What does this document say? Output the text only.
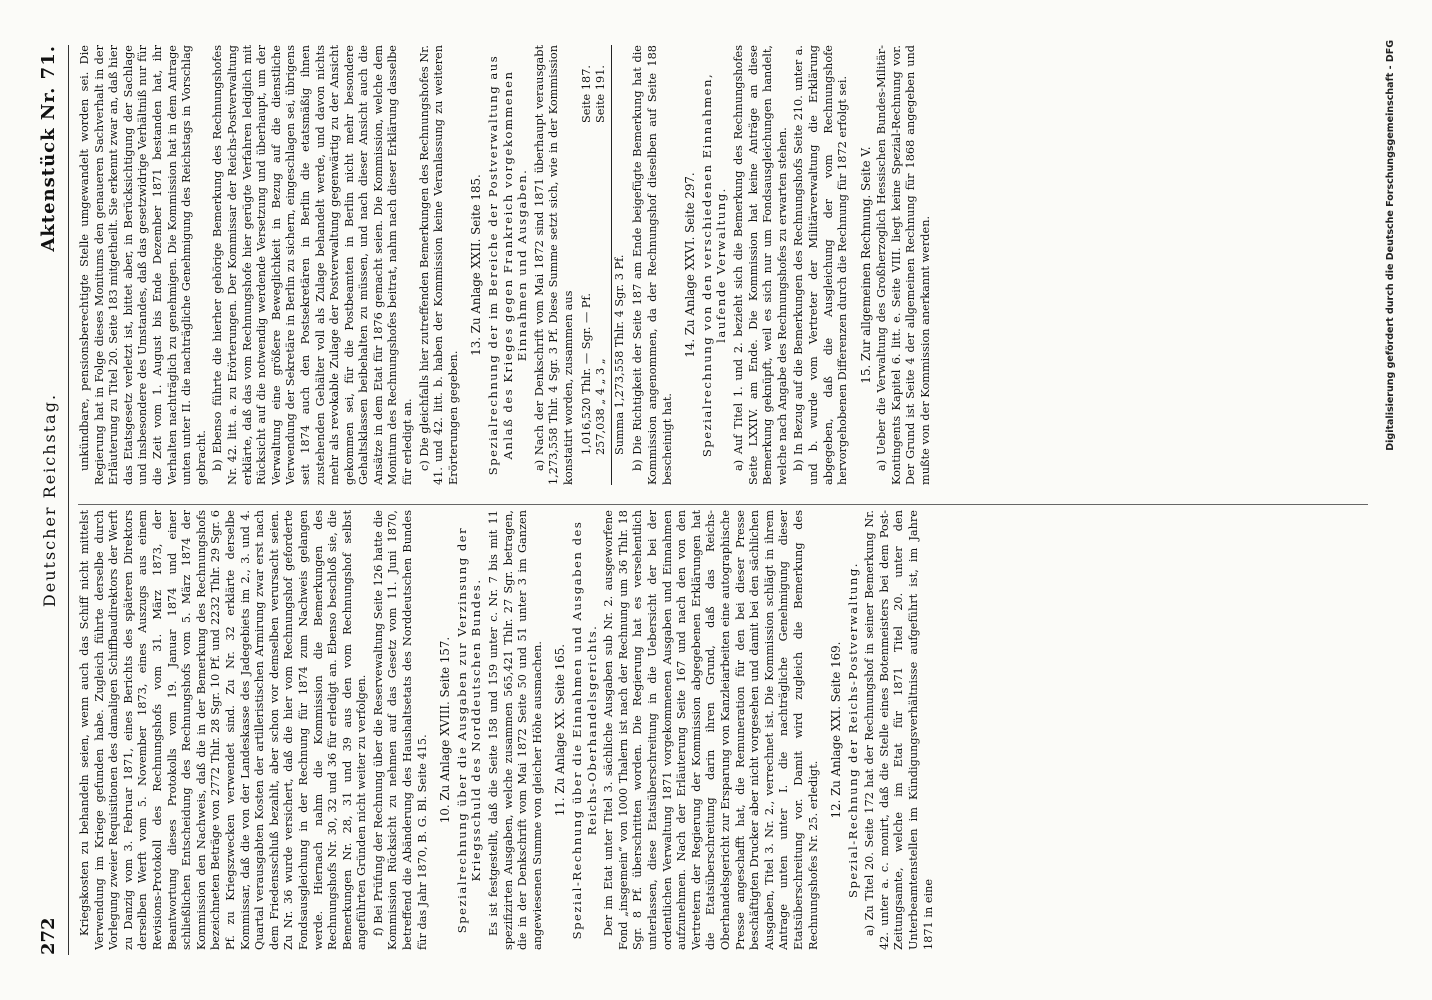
272
Deutscher Reichstag.
Aktenstück Nr. 71.

Kriegskosten zu behandeln seien, wenn auch das Schiff nicht mittelst Verwendung im Kriege gefunden habe. Zugleich führte derselbe durch Vorlegung zweier Requisitionen des damaligen Schiffbaudirektors der Werft zu Danzig vom 3. Februar 1871, eines Berichts des späteren Direktors derselben Werft vom 5. November 1873, eines Auszugs aus einem Revisions-Protokoll des Rechnungshofs vom 31. März 1873, der Beantwortung dieses Protokolls vom 19. Januar 1874 und einer schließlichen Entscheidung des Rechnungshofs vom 5. März 1874 der Kommission den Nachweis, daß die in der Bemerkung des Rechnungshofs bezeichneten Beträge von 2772 Thlr. 28 Sgr. 10 Pf. und 2232 Thlr. 29 Sgr. 6 Pf. zu Kriegszwecken verwendet sind. Zu Nr. 32 erklärte derselbe Kommissar, daß die von der Landeskasse des Jadegebiets im 2., 3. und 4. Quartal verausgabten Kosten der artilleristischen Armirung zwar erst nach dem Friedensschluß bezahlt, aber schon vor demselben verursacht seien. Zu Nr. 36 wurde versichert, daß die hier vom Rechnungshof geforderte Fondsausgleichung in der Rechnung für 1874 zum Nachweis gelangen werde. Hiernach nahm die Kommission die Bemerkungen des Rechnungshofs Nr. 30, 32 und 36 für erledigt an. Ebenso beschloß sie, die Bemerkungen Nr. 28, 31 und 39 aus den vom Rechnungshof selbst angeführten Gründen nicht weiter zu verfolgen. f) Bei Prüfung der Rechnung über die Reservewaltung Seite 126 hatte die Kommission Rücksicht zu nehmen auf das Gesetz vom 11. Juni 1870, betreffend die Abänderung des Haushaltsetats des Norddeutschen Bundes für das Jahr 1870, B. G. Bl. Seite 415.

10. Zu Anlage XVIII. Seite 157. Spezialrechnung über die Ausgaben zur Verzinsung der Kriegsschuld des Norddeutschen Bundes. Es ist festgestellt, daß die Seite 158 und 159 unter c. Nr. 7 bis mit 11 spezifizirten Ausgaben, welche zusammen 565,421 Thlr. 27 Sgr. betragen, die in der Denkschrift vom Mai 1872 Seite 50 und 51 unter 3 im Ganzen angewiesenen Summe von gleicher Höhe ausmachen. 11. Zu Anlage XX. Seite 165. Spezial-Rechnung über die Einnahmen und Ausgaben des Reichs-Oberhandelsgerichts. Der im Etat unter Titel 3. sächliche Ausgaben sub Nr. 2. ausgeworfene Fond „insgemein“ von 1000 Thalern ist nach der Rechnung um 36 Thlr. 18 Sgr. 8 Pf. überschritten worden. Die Regierung hat es versehentlich unterlassen, diese Etatsüberschreitung in die Uebersicht der bei der ordentlichen Verwaltung 1871 vorgekommenen Ausgaben und Einnahmen aufzunehmen. Nach der Erläuterung Seite 167 und nach den von den Vertretern der Regierung der Kommission abgegebenen Erklärungen hat die Etatsüberschreitung darin ihren Grund, daß das Reichs-Oberhandelsgericht zur Ersparung von Kanzleiarbeiten eine autographische Presse angeschafft hat, die Remuneration für den bei dieser Presse beschäftigten Drucker aber nicht vorgesehen und damit bei den sächlichen Ausgaben, Titel 3. Nr. 2., verrechnet ist. Die Kommission schlägt in ihrem Antrage unten unter I. die nachträgliche Genehmigung dieser Etatsüberschreitung vor. Damit wird zugleich die Bemerkung des Rechnungshofes Nr. 25. erledigt.

12. Zu Anlage XXI. Seite 169. Spezial-Rechnung der Reichs-Postverwaltung. a) Zu Titel 20. Seite 172 hat der Rechnungshof in seiner Bemerkung Nr. 42. unter a. c. monirt, daß die Stelle eines Botenmeisters bei dem Post-Zeitungsamte, welche im Etat für 1871 Titel 20. unter den Unterbeamtenstellen im Kündigungsverhältnisse aufgeführt ist, im Jahre 1871 in eine

unkündbare, pensionsberechtigte Stelle umgewandelt worden sei. Die Regierung hat in Folge dieses Monitums den genaueren Sachverhalt in der Erläuterung zu Titel 20. Seite 183 mitgetheilt. Sie erkennt zwar an, daß hier das Etatsgesetz verletzt ist, bittet aber, in Berücksichtigung der Sachlage und insbesondere des Umstandes, daß das gesetzwidrige Verhältniß nur für die Zeit vom 1. August bis Ende Dezember 1871 bestanden hat, ihr Verhalten nachträglich zu genehmigen. Die Kommission hat in dem Antrage unten unter II. die nachträgliche Genehmigung des Reichstags in Vorschlag gebracht. b) Ebenso führte die hierher gehörige Bemerkung des Rechnungshofes Nr. 42. litt. a. zu Erörterungen. Der Kommissar der Reichs-Postverwaltung erklärte, daß das vom Rechnungshofe hier gerügte Verfahren lediglich mit Rücksicht auf die notwendig werdende Versetzung und überhaupt, um der Verwaltung eine größere Beweglichkeit in Bezug auf die dienstliche Verwendung der Sekretäre in Berlin zu sichern, eingeschlagen sei, übrigens seit 1874 auch den Postsekretären in Berlin die etatsmäßig ihnen zustehenden Gehälter voll als Zulage behandelt werde, und davon nichts mehr als revokable Zulage der Postverwaltung gegenwärtig zu der Ansicht gekommen sei, für die Postbeamten in Berlin nicht mehr besondere Gehaltsklassen beibehalten zu müssen, und nach dieser Ansicht auch die Ansätze in dem Etat für 1876 gemacht seien. Die Kommission, welche dem Monitum des Rechnungshofes beitrat, nahm nach dieser Erklärung dasselbe für erledigt an. c) Die gleichfalls hier zutreffenden Bemerkungen des Rechnungshofes Nr. 41. und 42. litt. b. haben der Kommission keine Veranlassung zu weiteren Erörterungen gegeben.

13. Zu Anlage XXII. Seite 185. Spezialrechnung der im Bereiche der Postverwaltung aus Anlaß des Krieges gegen Frankreich vorgekommenen Einnahmen und Ausgaben. a) Nach der Denkschrift vom Mai 1872 sind 1871 überhaupt verausgabt 1,273,558 Thlr. 4 Sgr. 3 Pf. Diese Summe setzt sich, wie in der Kommission konstatirt worden, zusammen aus 1,016,520 Thlr. — Sgr. — Pf.
Seite 187.
257,038 „ 4 „ 3 „
Seite 191.
Summa 1,273,558 Thlr. 4 Sgr. 3 Pf. b) Die Richtigkeit der Seite 187 am Ende beigefügte Bemerkung hat die Kommission angenommen, da der Rechnungshof dieselben auf Seite 188 bescheinigt hat.

14. Zu Anlage XXVI. Seite 297. Spezialrechnung von den verschiedenen Einnahmen, laufende Verwaltung. a) Auf Titel 1. und 2. bezieht sich die Bemerkung des Rechnungshofes Seite LXXIV. am Ende. Die Kommission hat keine Anträge an diese Bemerkung geknüpft, weil es sich nur um Fondsausgleichungen handelt, welche nach Angabe des Rechnungshofes zu erwarten stehen. b) In Bezug auf die Bemerkungen des Rechnungshofs Seite 210. unter a. und b. wurde vom Vertreter der Militärverwaltung die Erklärung abgegeben, daß die Ausgleichung der vom Rechnungshofe hervorgehobenen Differenzen durch die Rechnung für 1872 erfolgt sei. 15. Zur allgemeinen Rechnung. Seite V. a) Ueber die Verwaltung des Großherzoglich Hessischen Bundes-Militär-Kontingents Kapitel 6. litt. e. Seite VIII. liegt keine Spezial-Rechnung vor. Der Grund ist Seite 4 der allgemeinen Rechnung für 1868 angegeben und mußte von der Kommission anerkannt werden.	Digitalisierung gefördert durch die Deutsche Forschungsgemeinschaft - DFG
